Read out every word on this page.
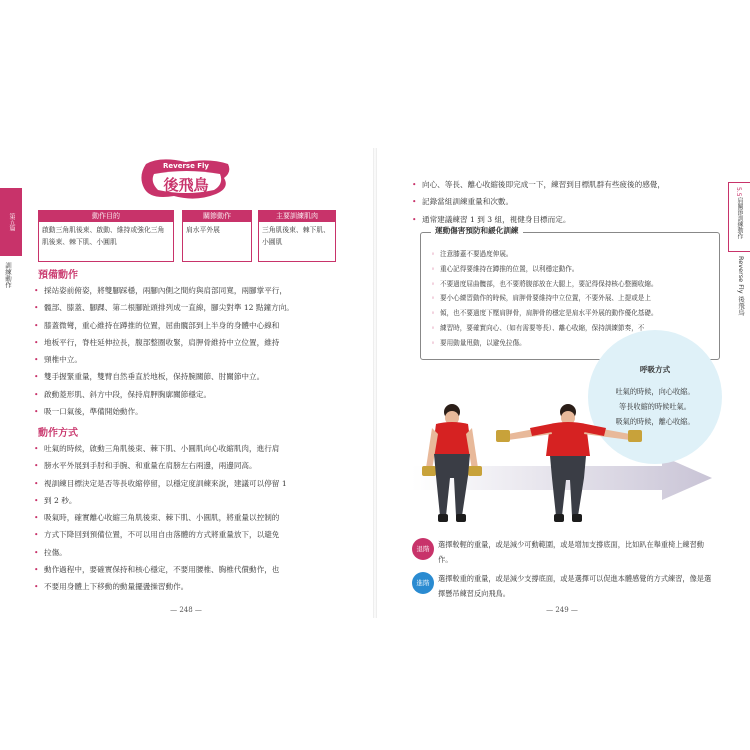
第五篇
訓練動作
Reverse Fly
後飛鳥
動作目的
啟動三角肌後束、啟動、維持或強化三角肌後束、棘下肌、小圓肌
關節動作
肩水平外展
主要訓練肌肉
三角肌後束、棘下肌、小圓肌
預備動作
• 採站姿前俯姿，將雙腳踩穩，兩腳內側之間約與肩部同寬，兩腳掌平行，
• 髖部、膝蓋、腳踝、第二根腳趾頭排列成一直線，腳尖對準 12 點鐘方向。
• 膝蓋微彎，重心維持在蹲推的位置，屈曲髖部到上半身的身體中心線和
• 地板平行，脊柱延伸拉長，腹部整圈收緊，肩胛骨維持中立位置，維持
• 頸椎中立。
• 雙手握緊重量，雙臂自然垂直於地板，保持腕關節、肘關節中立。
• 啟動菱形肌、斜方中段，保持肩胛胸廓關節穩定。
• 吸一口氣後，準備開始動作。
動作方式
• 吐氣的時候，啟動三角肌後束、棘下肌、小圓肌向心收縮肌肉，進行肩
• 膀水平外展到手肘和手腕、和重量在肩膀左右兩邊，兩邊同高。
• 視訓練目標決定是否等長收縮停留，以穩定度訓練來說，建議可以停留 1
• 到 2 秒。
• 吸氣時，確實離心收縮三角肌後束、棘下肌、小圓肌，將重量以控制的
• 方式下降回到預備位置，不可以用自由落體的方式將重量放下，以避免
• 拉傷。
• 動作過程中，要確實保持和核心穩定，不要用腰椎、胸椎代償動作，也
• 不要用身體上下移動的動量擺盪操習動作。
— 248 —
5.5
肩關節訓練動作
Reverse Fly 後飛鳥
• 向心、等長、離心收縮後即完成一下，練習到目標肌群有些疲後的感覺，
• 記錄當組訓練重量和次數。
• 通常建議練習 1 到 3 組，視健身目標而定。
運動傷害預防和緩化訓練
◦ 注意膝蓋不要過度伸展。
◦ 重心記得要維持在蹲推的位置，以利穩定動作。
◦ 不要過度屈曲髖部，也不要將腹部放在大腿上，要記得保持核心整圈收縮。
◦ 要小心練習動作的時候，肩胛骨要維持中立位置，不要外展、上提或是上
◦ 傾，也不要過度下壓肩胛骨，肩胛骨的穩定是肩水平外展的動作優化基礎。
◦ 練習時，要確實向心、（如有需要等長）、離心收縮，保持訓練節奏，不
◦ 要用動量甩動，以避免拉傷。
呼吸方式
吐氣的時候，向心收縮。
等長收縮的時候吐氣。
吸氣的時候，離心收縮。
退階	選擇較輕的重量，或是減少可動範圍，或是增加支撐底面，比如趴在舉重椅上練習動作。
進階	選擇較重的重量，或是減少支撐底面，或是選擇可以促進本體感覺的方式練習，像是選擇懸吊練習反向飛鳥。
— 249 —
